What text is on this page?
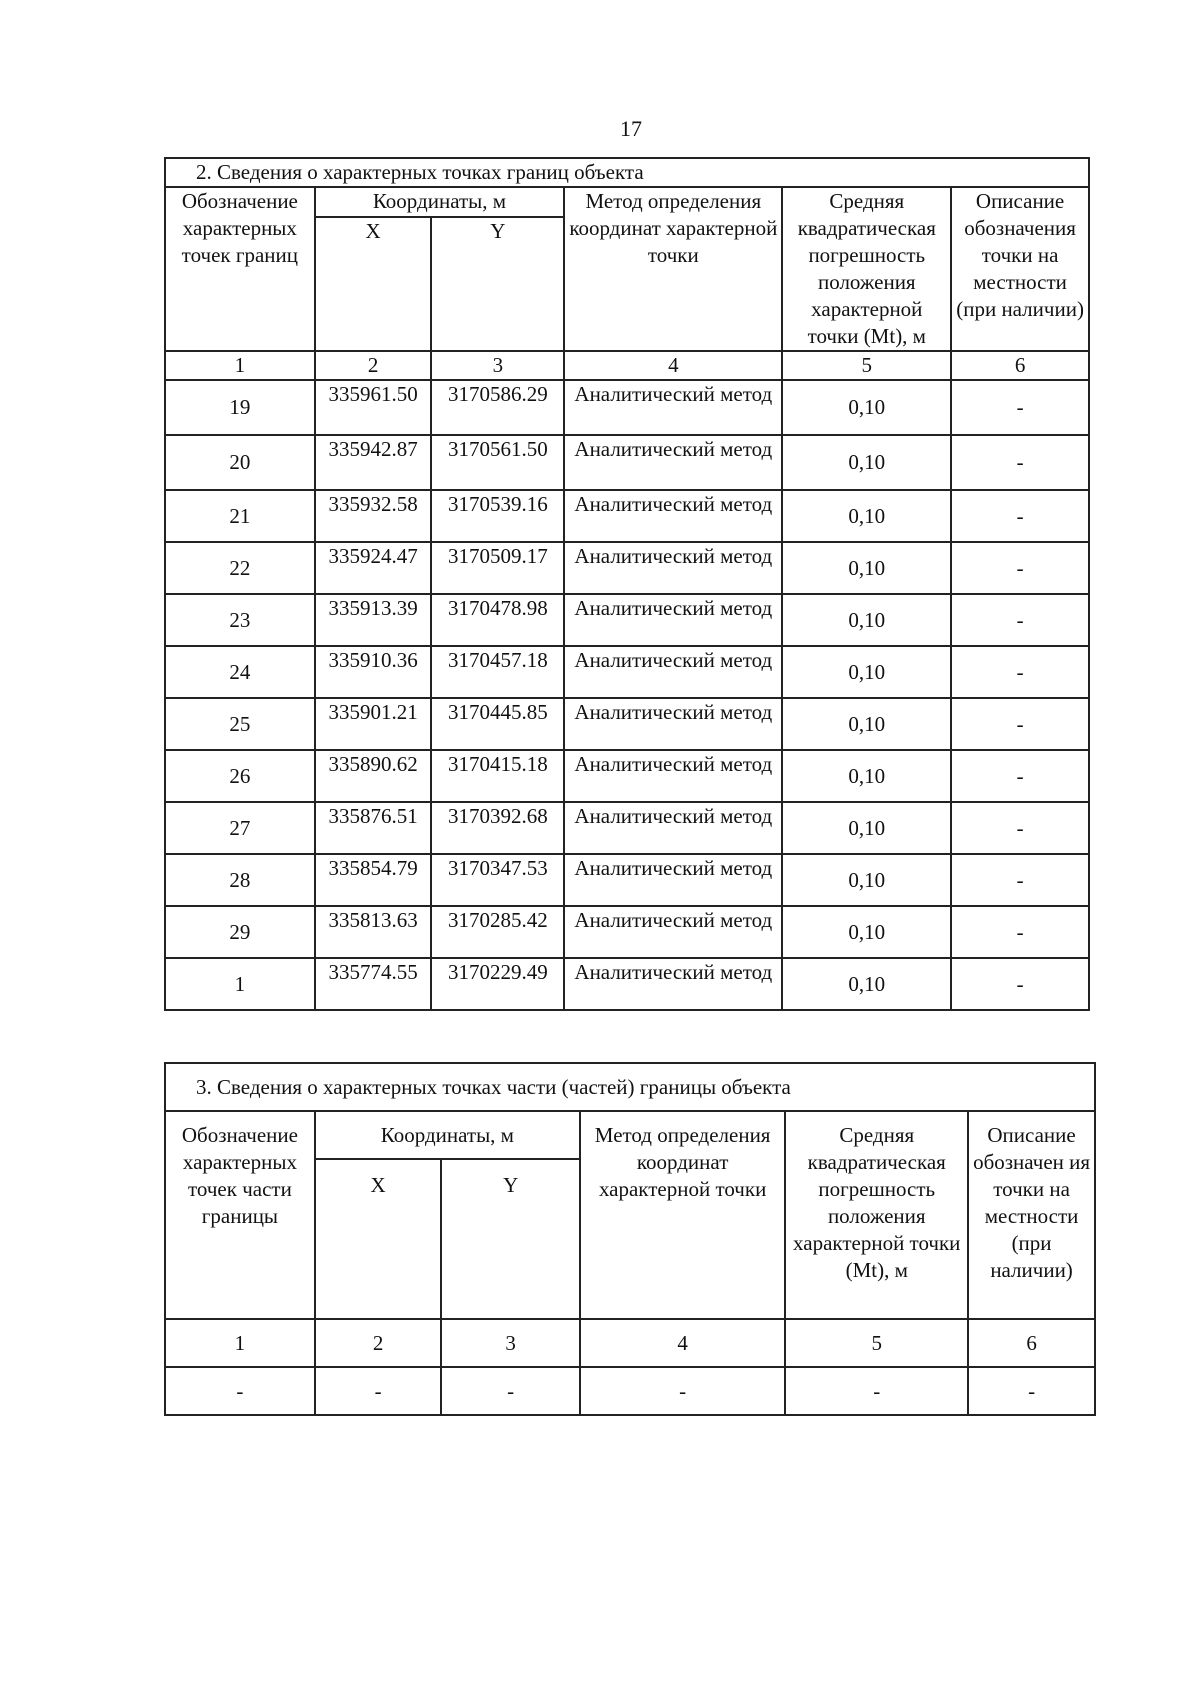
17
2. Сведения о характерных точках границ объекта					
Обозначение характерных точек границ	Координаты, м		Метод определения координат характерной точки	Средняя квадратическая погрешность положения характерной точки (Mt), м	Описание обозначения точки на местности (при наличии)
	X	Y			
1	2	3	4	5	6
19	335961.50	3170586.29	Аналитический метод	0,10	-
20	335942.87	3170561.50	Аналитический метод	0,10	-
21	335932.58	3170539.16	Аналитический метод	0,10	-
22	335924.47	3170509.17	Аналитический метод	0,10	-
23	335913.39	3170478.98	Аналитический метод	0,10	-
24	335910.36	3170457.18	Аналитический метод	0,10	-
25	335901.21	3170445.85	Аналитический метод	0,10	-
26	335890.62	3170415.18	Аналитический метод	0,10	-
27	335876.51	3170392.68	Аналитический метод	0,10	-
28	335854.79	3170347.53	Аналитический метод	0,10	-
29	335813.63	3170285.42	Аналитический метод	0,10	-
1	335774.55	3170229.49	Аналитический метод	0,10	-
3. Сведения о характерных точках части (частей) границы объекта					
Обозначение характерных точек части границы	Координаты, м		Метод определения координат характерной точки	Средняя квадратическая погрешность положения характерной точки (Mt), м	Описание обозначен ия точки на местности (при наличии)
	X	Y			
1	2	3	4	5	6
-	-	-	-	-	-
